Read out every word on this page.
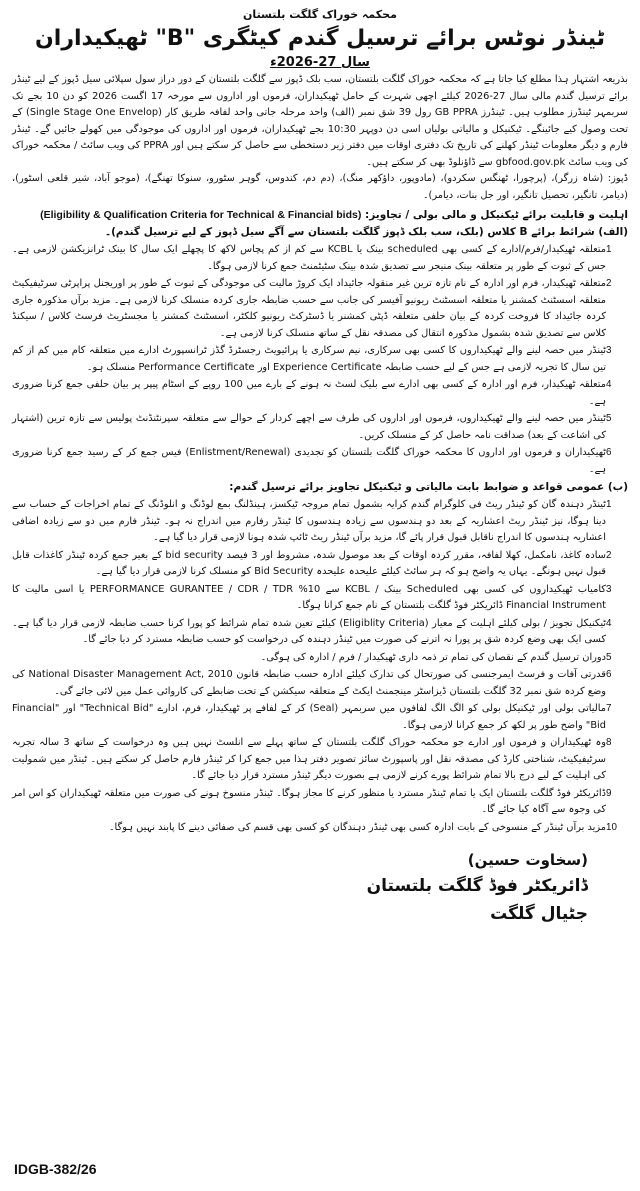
محکمہ خوراک گلگت بلتستان
ٹینڈر نوٹس برائے ترسیل گندم کیٹگری "B" ٹھیکیداران
سال 27-2026ء
بذریعہ اشتہار ہذا مطلع کیا جاتا ہے کہ محکمہ خوراک گلگت بلتستان، سب بلک ڈپوز سے گلگت بلتستان کے دور دراز سول سپلائی سیل ڈپوز کے لیے ٹینڈر برائے ترسیل گندم مالی سال 27-2026 کیلئے اچھی شہرت کے حامل ٹھیکیداران، فرموں اور اداروں سے مورخہ 17 اگست 2026 کو دن 10 بجے تک سربمہر ٹینڈرز مطلوب ہیں۔ ٹینڈرز GB PPRA رول 39 شق نمبر (الف) واحد مرحلہ جاتی واحد لفافہ طریق کار (Single Stage One Envelop) کے تحت وصول کیے جائینگے۔ ٹیکنیکل و مالیاتی بولیاں اسی دن دوپہر 10:30 بجے ٹھیکیداران، فرموں اور اداروں کی موجودگی میں کھولے جائیں گے۔ ٹینڈر فارم و دیگر معلومات ٹینڈر کھلنے کی تاریخ تک دفتری اوقات میں دفتر زیر دستخطی سے حاصل کر سکتے ہیں اور PPRA کی ویب سائٹ / محکمہ خوراک کی ویب سائٹ gbfood.gov.pk سے ڈاؤنلوڈ بھی کر سکتے ہیں۔
ڈپوز: (شاہ زرگر)، (پرچورا، ٹھنگس سکردو)، (مادوپور، داؤکھر منگ)، (دم دم، کندوس، گوہر سٹورو، سنوکا تھنگے)، (موجو آباد، شیر قلعی اسٹور)، (دیامر، تانگیر، تحصیل تانگیر، اور جل بنات، دیامر)۔
اہلیت و قابلیت برائے ٹیکنیکل و مالی بولی / تجاویز: (Eligibility & Qualification Criteria for Technical & Financial bids)
(الف) شرائط برائے B کلاس (بلک، سب بلک ڈپوز گلگت بلتستان سے آگے سیل ڈپوز کے لیے ترسیل گندم)۔
1
متعلقہ ٹھیکیدار/فرم/ادارے کے کسی بھی scheduled بینک یا KCBL سے کم از کم پچاس لاکھ کا پچھلے ایک سال کا بینک ٹرانزیکشن لازمی ہے۔ جس کے ثبوت کے طور پر متعلقہ بینک منیجر سے تصدیق شدہ بینک سٹیٹمنٹ جمع کرنا لازمی ہوگا۔
2
متعلقہ ٹھیکیدار، فرم اور ادارہ کے نام تازہ ترین غیر منقولہ جائیداد ایک کروڑ مالیت کی موجودگی کے ثبوت کے طور پر اوریجنل پراپرٹی سرٹیفیکیٹ متعلقہ اسسٹنٹ کمشنر یا متعلقہ اسسٹنٹ ریونیو آفیسر کی جانب سے حسب ضابطہ جاری کردہ منسلک کرنا لازمی ہے۔ مزید برآں مذکورہ جاری کردہ جائیداد کا فروخت کردہ کے بیان حلفی متعلقہ ڈپٹی کمشنر یا ڈسٹرکٹ ریونیو کلکٹر، اسسٹنٹ کمشنر یا مجسٹریٹ فرسٹ کلاس / سیکنڈ کلاس سے تصدیق شدہ بشمول مذکورہ انتقال کی مصدقہ نقل کے ساتھ منسلک کرنا لازمی ہے۔
3
ٹینڈر میں حصہ لینے والے ٹھیکیداروں کا کسی بھی سرکاری، نیم سرکاری یا پرائیویٹ رجسٹرڈ گڈز ٹرانسپورٹ ادارے میں متعلقہ کام میں کم از کم تین سال کا تجربہ لازمی ہے جس کے لیے حسب ضابطہ Experience Certificate اور Performance Certificate منسلک ہو۔
4
متعلقہ ٹھیکیدار، فرم اور ادارہ کے کسی بھی ادارے سے بلیک لسٹ نہ ہونے کے بارے میں 100 روپے کے اسٹام پیپر پر بیان حلفی جمع کرنا ضروری ہے۔
5
ٹینڈر میں حصہ لینے والے ٹھیکیداروں، فرموں اور اداروں کی طرف سے اچھے کردار کے حوالے سے متعلقہ سپرنٹنڈنٹ پولیس سے تازہ ترین (اشتہار کی اشاعت کے بعد) صداقت نامہ حاصل کر کے منسلک کریں۔
6
ٹھیکیداران و فرموں اور اداروں کا محکمہ خوراک گلگت بلتستان کو تجدیدی (Enlistment/Renewal) فیس جمع کر کے رسید جمع کرنا ضروری ہے۔
(ب) عمومی قواعد و ضوابط بابت مالیاتی و ٹیکنیکل تجاویز برائے ترسیل گندم:
1
ٹینڈر دہندہ گان کو ٹینڈر ریٹ فی کلوگرام گندم کرایہ بشمول تمام مروجہ ٹیکسز، ہینڈلنگ بمع لوڈنگ و انلوڈنگ کے تمام اخراجات کے حساب سے دینا ہوگا، نیز ٹینڈر ریٹ اعشاریہ کے بعد دو ہندسوں سے زیادہ ہندسوں کا ٹینڈر رفارم میں اندراج نہ ہو۔ ٹینڈر فارم میں دو سے زیادہ اضافی اعشاریہ ہندسوں کا اندراج ناقابل قبول قرار پائے گا، مزید برآں ٹینڈر ریٹ ٹائپ شدہ ہونا لازمی قرار دیا گیا ہے۔
2
سادہ کاغذ، نامکمل، کھلا لفافہ، مقرر کردہ اوقات کے بعد موصول شدہ، مشروط اور 3 فیصد bid security کے بغیر جمع کردہ ٹینڈر کاغذات قابل قبول نہیں ہونگے۔ یہاں یہ واضح ہو کہ ہر سائٹ کیلئے علیحدہ علیحدہ Bid Security کو منسلک کرنا لازمی قرار دیا گیا ہے۔
3
کامیاب ٹھیکیداروں کی کسی بھی Scheduled بینک / KCBL سے 10% PERFORMANCE GURANTEE / CDR / TDR یا اسی مالیت کا Financial Instrument ڈائریکٹر فوڈ گلگت بلتستان کے نام جمع کرانا ہوگا۔
4
ٹیکنیکل تجویز / بولی کیلئے اہلیت کے معیار (Eligiblity Criteria) کیلئے تعین شدہ تمام شرائط کو پورا کرنا حسب ضابطہ لازمی قرار دیا گیا ہے۔ کسی ایک بھی وضع کردہ شق پر پورا نہ اترنے کی صورت میں ٹینڈر دہندہ کی درخواست کو حسب ضابطہ مسترد کر دیا جائے گا۔
5
دوران ترسیل گندم کے نقصان کی تمام تر ذمہ داری ٹھیکیدار / فرم / ادارہ کی ہوگی۔
6
قدرتی آفات و فرسٹ ایمرجنسی کی صورتحال کی تدارک کیلئے ادارہ حسب ضابطہ قانون National Disaster Management Act, 2010 کی وضع کردہ شق نمبر 32 گلگت بلتستان ڈیزاسٹر مینجمنٹ ایکٹ کے متعلقہ سیکشن کے تحت ضابطے کی کاروائی عمل میں لائی جائے گی۔
7
مالیاتی بولی اور ٹیکنیکل بولی کو الگ الگ لفافوں میں سربمہر (Seal) کر کے لفافے پر ٹھیکیدار، فرم، ادارے "Technical Bid" اور "Financial Bid" واضح طور پر لکھ کر جمع کرانا لازمی ہوگا۔
8
وہ ٹھیکیداران و فرموں اور ادارے جو محکمہ خوراک گلگت بلتستان کے ساتھ پہلے سے انلسٹ نہیں ہیں وہ درخواست کے ساتھ 3 سالہ تجربہ سرٹیفیکیٹ، شناختی کارڈ کی مصدقہ نقل اور پاسپورٹ سائز تصویر دفتر ہذا میں جمع کرا کر ٹینڈر فارم حاصل کر سکتے ہیں۔ ٹینڈر میں شمولیت کی اہلیت کے لیے درج بالا تمام شرائط پورے کرنے لازمی ہے بصورت دیگر ٹینڈر مسترد قرار دیا جائے گا۔
9
ڈائریکٹر فوڈ گلگت بلتستان ایک یا تمام ٹینڈر مسترد یا منظور کرنے کا مجاز ہوگا۔ ٹینڈر منسوخ ہونے کی صورت میں متعلقہ ٹھیکیداران کو اس امر کی وجوہ سے آگاہ کیا جائے گا۔
10
مزید برآں ٹینڈر کے منسوخی کے بابت ادارہ کسی بھی ٹینڈر دہندگان کو کسی بھی قسم کی صفائی دینے کا پابند نہیں ہوگا۔
(سخاوت حسین)
ڈائریکٹر فوڈ گلگت بلتستان
جٹیال گلگت
IDGB-382/26
